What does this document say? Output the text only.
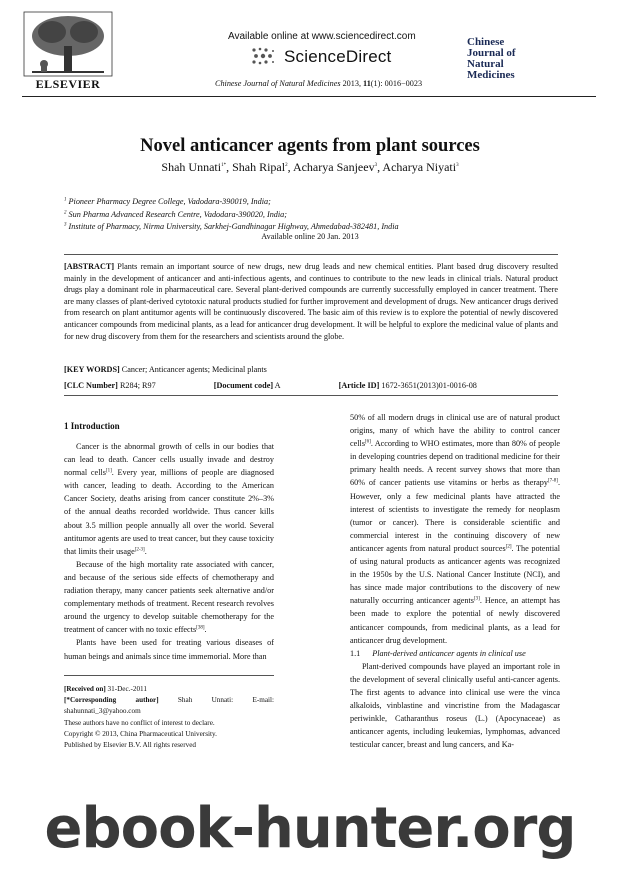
ELSEVIER
Available online at www.sciencedirect.com
ScienceDirect
Chinese Journal of Natural Medicines 2013, 11(1): 0016−0023
Chinese
Journal of
Natural
Medicines
Novel anticancer agents from plant sources
Shah Unnati$^{1*}$, Shah Ripal$^2$, Acharya Sanjeev$^3$, Acharya Niyati$^3$
$^1$ Pioneer Pharmacy Degree College, Vadodara-390019, India;
$^2$ Sun Pharma Advanced Research Centre, Vadodara-390020, India;
$^3$ Institute of Pharmacy, Nirma University, Sarkhej-Gandhinagar Highway, Ahmedabad-382481, India
Available online 20 Jan. 2013
[ABSTRACT] Plants remain an important source of new drugs, new drug leads and new chemical entities. Plant based drug discovery resulted mainly in the development of anticancer and anti-infectious agents, and continues to contribute to the new leads in clinical trials. Natural product drugs play a dominant role in pharmaceutical care. Several plant-derived compounds are currently successfully employed in cancer treatment. There are many classes of plant-derived cytotoxic natural products studied for further improvement and development of drugs. New anticancer drugs derived from research on plant antitumor agents will be continuously discovered. The basic aim of this review is to explore the potential of newly discovered anticancer compounds from medicinal plants, as a lead for anticancer drug development. It will be helpful to explore the medicinal value of plants and for new drug discovery from them for the researchers and scientists around the globe.
[KEY WORDS] Cancer; Anticancer agents; Medicinal plants
[CLC Number] R284; R97	[Document code] A	[Article ID] 1672-3651(2013)01-0016-08
1 Introduction

Cancer is the abnormal growth of cells in our bodies that can lead to death. Cancer cells usually invade and destroy normal cells[1]. Every year, millions of people are diagnosed with cancer, leading to death. According to the American Cancer Society, deaths arising from cancer constitute 2%–3% of the annual deaths recorded worldwide. Thus cancer kills about 3.5 million people annually all over the world. Several antitumor agents are used to treat cancer, but they cause toxicity that limits their usage[2-3].

Because of the high mortality rate associated with cancer, and because of the serious side effects of chemotherapy and radiation therapy, many cancer patients seek alternative and/or complementary methods of treatment. Recent research revolves around the urgency to develop suitable chemotherapy for the treatment of cancer with no toxic effects[38].

Plants have been used for treating various diseases of human beings and animals since time immemorial. More than

50% of all modern drugs in clinical use are of natural product origins, many of which have the ability to control cancer cells[6]. According to WHO estimates, more than 80% of people in developing countries depend on traditional medicine for their primary health needs. A recent survey shows that more than 60% of cancer patients use vitamins or herbs as therapy[7-8]. However, only a few medicinal plants have attracted the interest of scientists to investigate the remedy for neoplasm (tumor or cancer). There is considerable scientific and commercial interest in the continuing discovery of new anticancer agents from natural product sources[2]. The potential of using natural products as anticancer agents was recognized in the 1950s by the U.S. National Cancer Institute (NCI), and has since made major contributions to the discovery of new naturally occurring anticancer agents[3]. Hence, an attempt has been made to explore the potential of newly discovered anticancer compounds, from medicinal plants, as a lead for anticancer drug development.

1.1 Plant-derived anticancer agents in clinical use

Plant-derived compounds have played an important role in the development of several clinically useful anti-cancer agents. The first agents to advance into clinical use were the vinca alkaloids, vinblastine and vincristine from the Madagascar periwinkle, Catharanthus roseus (L.) (Apocynaceae) as anticancer agents, including leukemias, lymphomas, advanced testicular cancer, breast and lung cancers, and Ka-

[Received on] 31-Dec.-2011
[*Corresponding author] Shah Unnati: E-mail: shahunnati_3@yahoo.com
These authors have no conflict of interest to declare.
Copyright © 2013, China Pharmaceutical University.
Published by Elsevier B.V. All rights reserved
ebook-hunter.org
